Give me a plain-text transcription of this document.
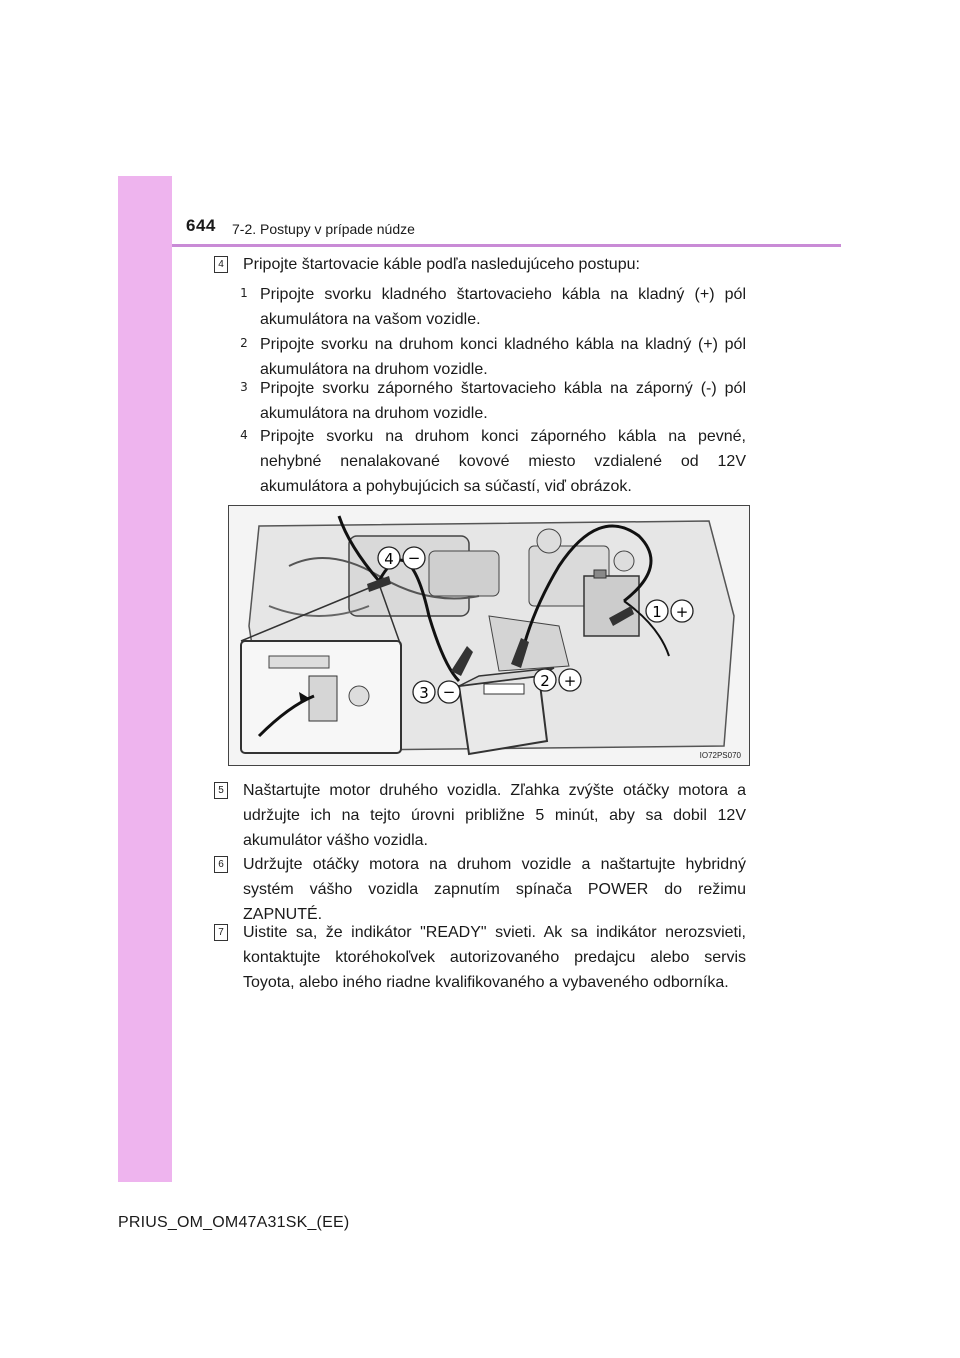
644 7-2. Postupy v prípade núdze
4	Pripojte štartovacie káble podľa nasledujúceho postupu:
1 Pripojte svorku kladného štartovacieho kábla na kladný (+) pól akumulátora na vašom vozidle.
2 Pripojte svorku na druhom konci kladného kábla na kladný (+) pól akumulátora na druhom vozidle.
3 Pripojte svorku záporného štartovacieho kábla na záporný (-) pól akumulátora na druhom vozidle.
4 Pripojte svorku na druhom konci záporného kábla na pevné, nehybné nenalakované kovové miesto vzdialené od 12V akumulátora a pohybujúcich sa súčastí, viď obrázok.
4 −
1 +
2 +
3 −
IO72PS070
5	Naštartujte motor druhého vozidla. Zľahka zvýšte otáčky motora a udržujte ich na tejto úrovni približne 5 minút, aby sa dobil 12V akumulátor vášho vozidla.
6	Udržujte otáčky motora na druhom vozidle a naštartujte hybridný systém vášho vozidla zapnutím spínača POWER do režimu ZAPNUTÉ.
7	Uistite sa, že indikátor "READY" svieti. Ak sa indikátor nerozsvieti, kontaktujte ktoréhokoľvek autorizovaného predajcu alebo servis Toyota, alebo iného riadne kvalifikovaného a vybaveného odborníka.
PRIUS_OM_OM47A31SK_(EE)
